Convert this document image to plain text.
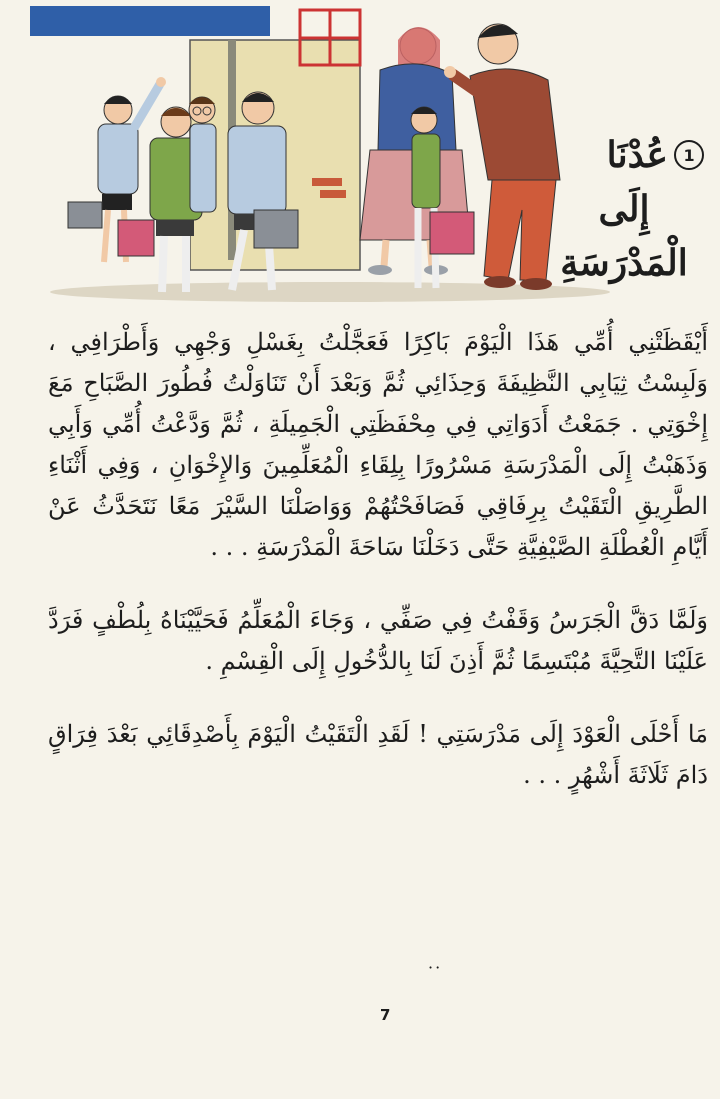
1
عُدْنَا

إِلَى

الْمَدْرَسَةِ

أَيْقَظَتْنِي أُمِّي هَذَا الْيَوْمَ بَاكِرًا فَعَجَّلْتُ بِغَسْلِ وَجْهِي وَأَطْرَافِي ، وَلَبِسْتُ ثِيَابِي النَّظِيفَةَ وَحِذَائِي ثُمَّ وَبَعْدَ أَنْ تَنَاوَلْتُ فُطُورَ الصَّبَاحِ مَعَ إِخْوَتِي . جَمَعْتُ أَدَوَاتِي فِي مِحْفَظَتِي الْجَمِيلَةِ ، ثُمَّ وَدَّعْتُ أُمِّي وَأَبِي وَذَهَبْتُ إِلَى الْمَدْرَسَةِ مَسْرُورًا بِلِقَاءِ الْمُعَلِّمِينَ وَالإِخْوَانِ ، وَفِي أَثْنَاءِ الطَّرِيقِ الْتَقَيْتُ بِرِفَاقِي فَصَافَحْتُهُمْ وَوَاصَلْنَا السَّيْرَ مَعًا نَتَحَدَّثُ عَنْ أَيَّامِ الْعُطْلَةِ الصَّيْفِيَّةِ حَتَّى دَخَلْنَا سَاحَةَ الْمَدْرَسَةِ . . .

وَلَمَّا دَقَّ الْجَرَسُ وَقَفْتُ فِي صَفِّي ، وَجَاءَ الْمُعَلِّمُ فَحَيَّيْنَاهُ بِلُطْفٍ فَرَدَّ عَلَيْنَا التَّحِيَّةَ مُبْتَسِمًا ثُمَّ أَذِنَ لَنَا بِالدُّخُولِ إِلَى الْقِسْمِ .

مَا أَحْلَى الْعَوْدَ إِلَى مَدْرَسَتِي ! لَقَدِ الْتَقَيْتُ الْيَوْمَ بِأَصْدِقَائِي بَعْدَ فِرَاقٍ دَامَ ثَلَاثَةَ أَشْهُرٍ . . .

··
7
